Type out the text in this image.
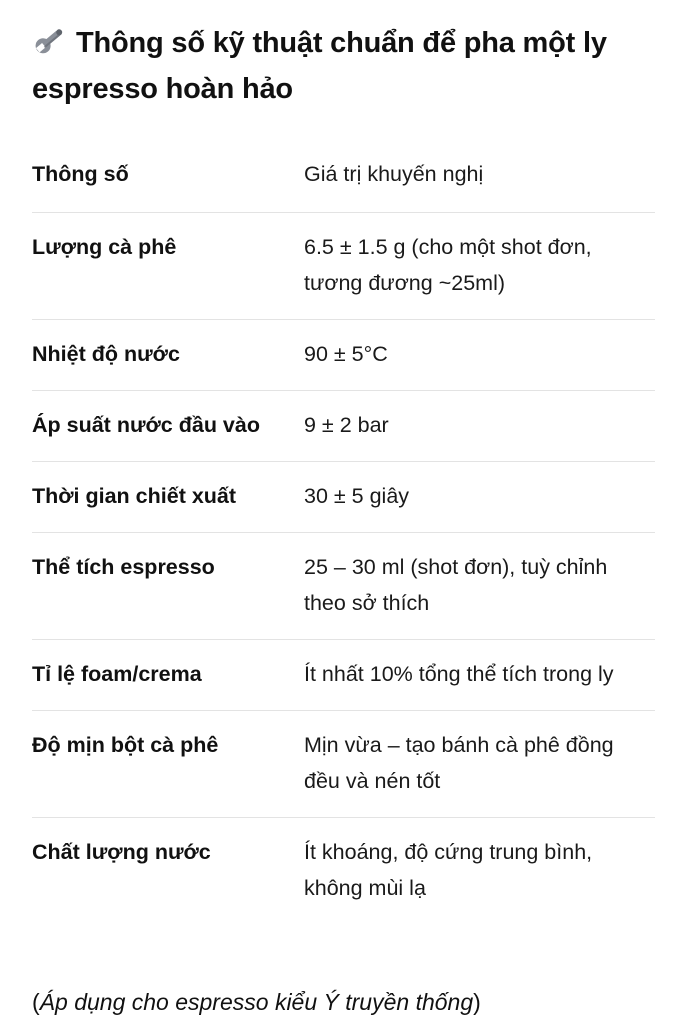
Thông số kỹ thuật chuẩn để pha một ly espresso hoàn hảo
Thông số	Giá trị khuyến nghị
Lượng cà phê	6.5 ± 1.5 g (cho một shot đơn, tương đương ~25ml)
Nhiệt độ nước	90 ± 5°C
Áp suất nước đầu vào	9 ± 2 bar
Thời gian chiết xuất	30 ± 5 giây
Thể tích espresso	25 – 30 ml (shot đơn), tuỳ chỉnh theo sở thích
Tỉ lệ foam/crema	Ít nhất 10% tổng thể tích trong ly
Độ mịn bột cà phê	Mịn vừa – tạo bánh cà phê đồng đều và nén tốt
Chất lượng nước	Ít khoáng, độ cứng trung bình, không mùi lạ

(Áp dụng cho espresso kiểu Ý truyền thống)
